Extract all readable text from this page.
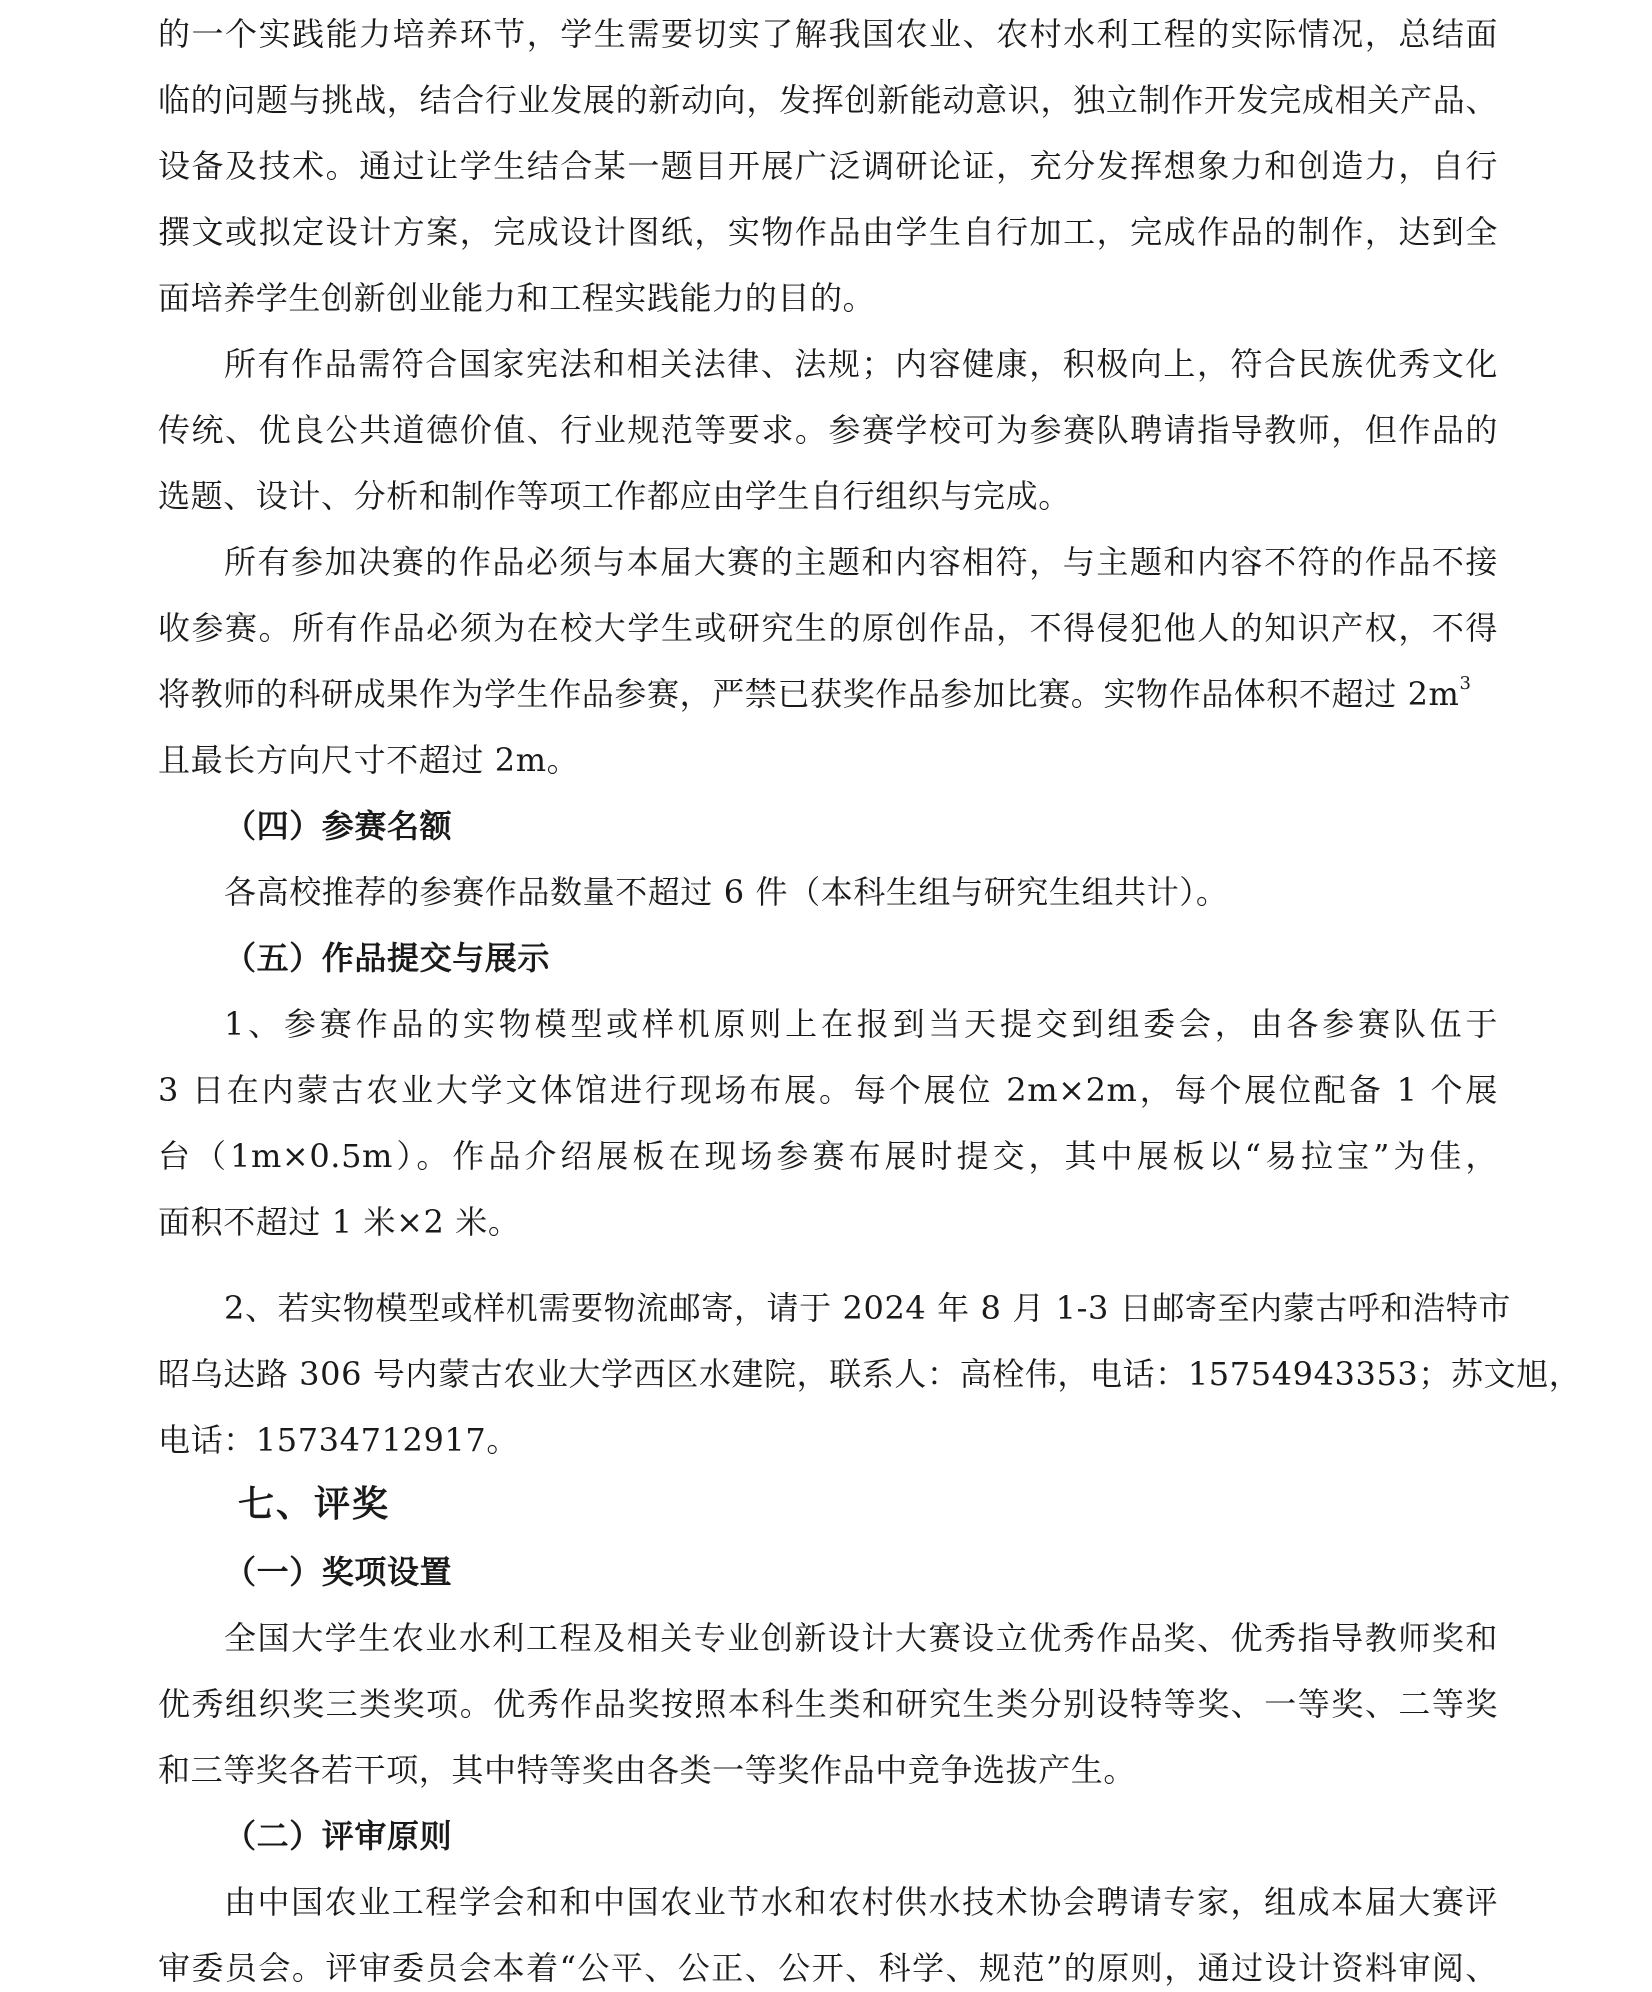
的一个实践能力培养环节，学生需要切实了解我国农业、农村水利工程的实际情况，总结面
临的问题与挑战，结合行业发展的新动向，发挥创新能动意识，独立制作开发完成相关产品、
设备及技术。通过让学生结合某一题目开展广泛调研论证，充分发挥想象力和创造力，自行
撰文或拟定设计方案，完成设计图纸，实物作品由学生自行加工，完成作品的制作，达到全
面培养学生创新创业能力和工程实践能力的目的。
所有作品需符合国家宪法和相关法律、法规；内容健康，积极向上，符合民族优秀文化
传统、优良公共道德价值、行业规范等要求。参赛学校可为参赛队聘请指导教师，但作品的
选题、设计、分析和制作等项工作都应由学生自行组织与完成。
所有参加决赛的作品必须与本届大赛的主题和内容相符，与主题和内容不符的作品不接
收参赛。所有作品必须为在校大学生或研究生的原创作品，不得侵犯他人的知识产权，不得
将教师的科研成果作为学生作品参赛，严禁已获奖作品参加比赛。实物作品体积不超过 $2m^3$
且最长方向尺寸不超过 2m。
（四）参赛名额
各高校推荐的参赛作品数量不超过 6 件（本科生组与研究生组共计）。
（五）作品提交与展示
1、参赛作品的实物模型或样机原则上在报到当天提交到组委会，由各参赛队伍于
3 日在内蒙古农业大学文体馆进行现场布展。每个展位 2m×2m，每个展位配备 1 个展
台（1m×0.5m）。作品介绍展板在现场参赛布展时提交，其中展板以“易拉宝”为佳，
面积不超过 1 米×2 米。
2、若实物模型或样机需要物流邮寄，请于 2024 年 8 月 1-3 日邮寄至内蒙古呼和浩特市
昭乌达路 306 号内蒙古农业大学西区水建院，联系人：高栓伟，电话：15754943353；苏文旭，
电话：15734712917。
七、评奖
（一）奖项设置
全国大学生农业水利工程及相关专业创新设计大赛设立优秀作品奖、优秀指导教师奖和
优秀组织奖三类奖项。优秀作品奖按照本科生类和研究生类分别设特等奖、一等奖、二等奖
和三等奖各若干项，其中特等奖由各类一等奖作品中竞争选拔产生。
（二）评审原则
由中国农业工程学会和和中国农业节水和农村供水技术协会聘请专家，组成本届大赛评
审委员会。评审委员会本着“公平、公正、公开、科学、规范”的原则，通过设计资料审阅、
